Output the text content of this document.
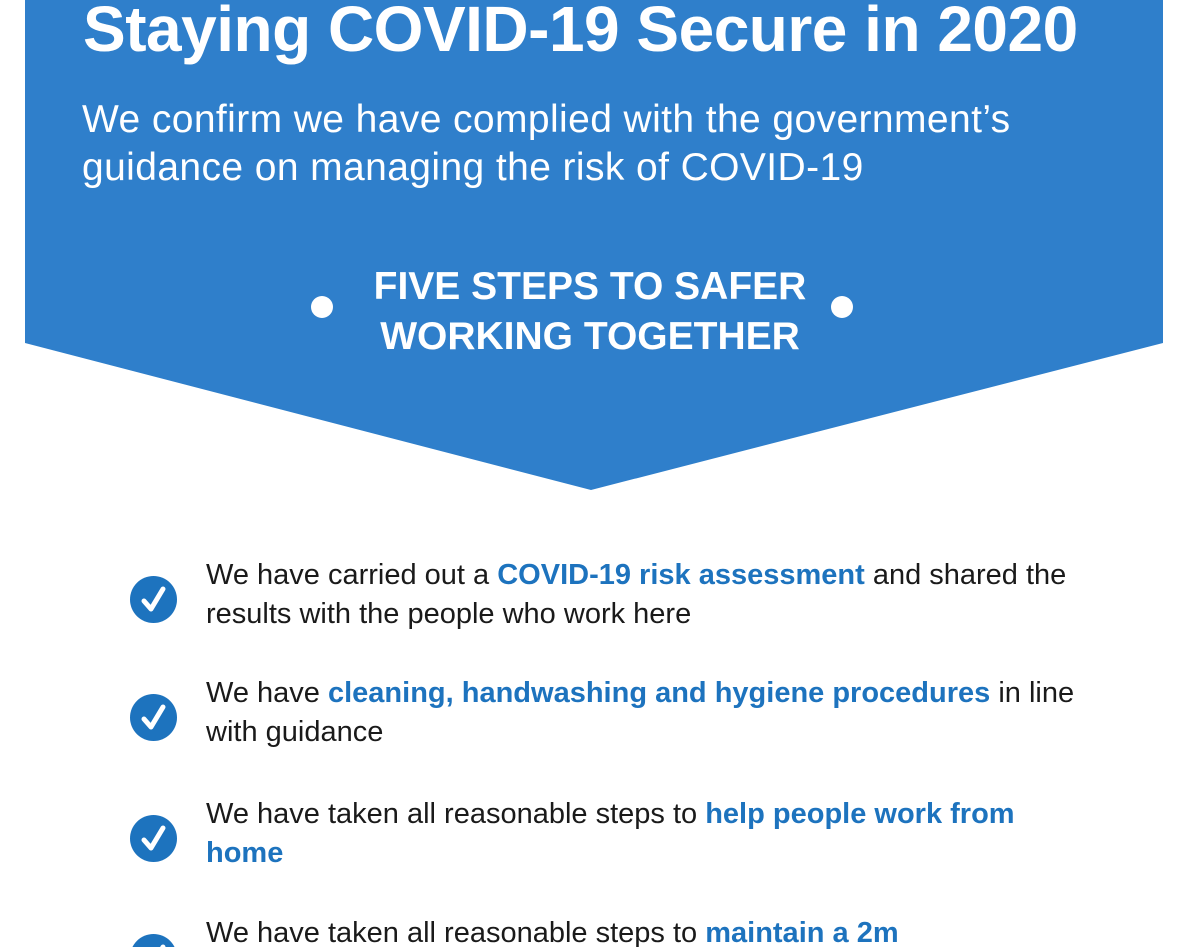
Staying COVID-19 Secure in 2020
We confirm we have complied with the government’s
guidance on managing the risk of COVID-19
FIVE STEPS TO SAFER
WORKING TOGETHER
We have carried out a COVID-19 risk assessment and shared the results with the people who work here
We have cleaning, handwashing and hygiene procedures in line with guidance
We have taken all reasonable steps to help people work from home
We have taken all reasonable steps to maintain a 2m
